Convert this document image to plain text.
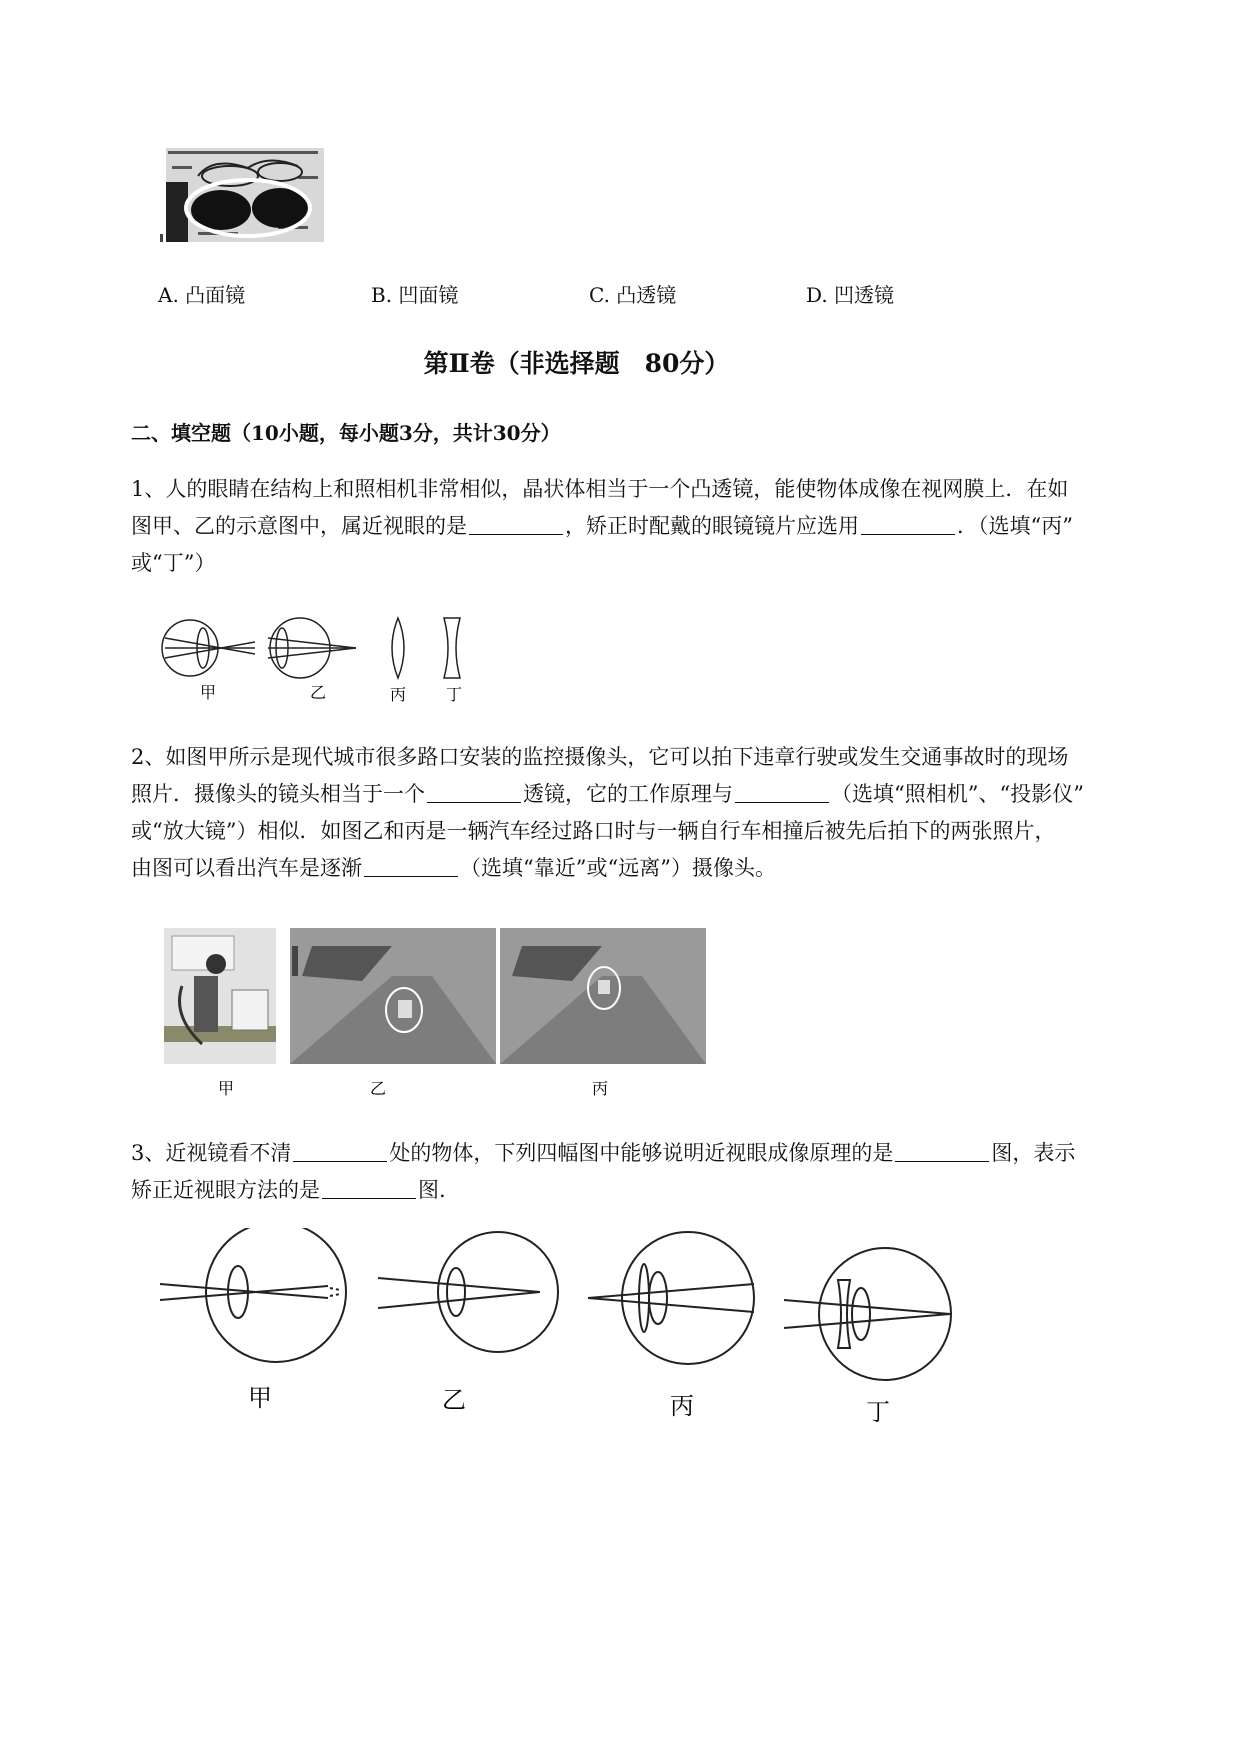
A. 凸面镜	B. 凹面镜	C. 凸透镜	D. 凹透镜
第Ⅱ卷（非选择题　80分）
二、填空题（10小题，每小题3分，共计30分）
1、人的眼睛在结构上和照相机非常相似，晶状体相当于一个凸透镜，能使物体成像在视网膜上．在如
图甲、乙的示意图中，属近视眼的是	，矫正时配戴的眼镜镜片应选用	．（选填“丙”
或“丁”）
甲	乙	丙 丁
2、如图甲所示是现代城市很多路口安装的监控摄像头，它可以拍下违章行驶或发生交通事故时的现场
照片．摄像头的镜头相当于一个	透镜，它的工作原理与	（选填“照相机”、“投影仪”
或“放大镜”）相似．如图乙和丙是一辆汽车经过路口时与一辆自行车相撞后被先后拍下的两张照片，
由图可以看出汽车是逐渐	（选填“靠近”或“远离”）摄像头。
甲	乙	丙
3、近视镜看不清	处的物体，下列四幅图中能够说明近视眼成像原理的是	图，表示
矫正近视眼方法的是	图.
甲	乙	丙	丁
